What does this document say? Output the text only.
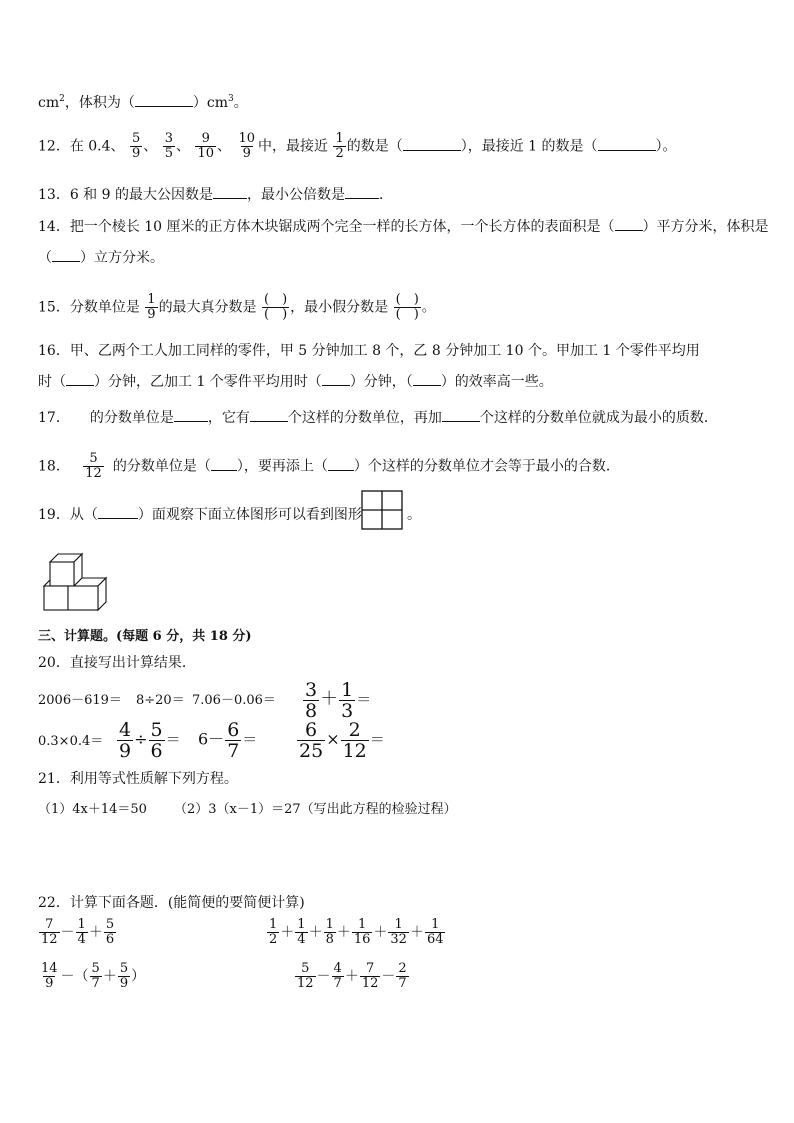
$cm^2$，体积为（	）$cm^3$。
12．在 0.4、 $\frac{5}{9}$ 、 $\frac{3}{5}$ 、 $\frac{9}{10}$ 、 $\frac{10}{9}$ 中，最接近 $\frac{1}{2}$ 的数是（	），最接近 1 的数是（	）。
13．6 和 9 的最大公因数是 ，最小公倍数是 ．
14．把一个棱长 10 厘米的正方体木块锯成两个完全一样的长方体，一个长方体的表面积是（ ）平方分米，体积是
（ ）立方分米。
15．分数单位是 $\frac{1}{9}$ 的最大真分数是 $\frac{( )}{( )}$ ，最小假分数是 $\frac{( )}{( )}$ 。
16．甲、乙两个工人加工同样的零件，甲 5 分钟加工 8 个，乙 8 分钟加工 10 个。甲加工 1 个零件平均用
时（ ）分钟，乙加工 1 个零件平均用时（ ）分钟，（ ）的效率高一些。
17． 的分数单位是 ，它有	个这样的分数单位，再加	个这样的分数单位就成为最小的质数．
18． $\frac{5}{12}$ 的分数单位是（ ），要再添上（ ）个这样的分数单位才会等于最小的合数．
19．从（	）面观察下面立体图形可以看到图形	。
三、计算题。(每题 6 分，共 18 分)
20．直接写出计算结果．
$2006-619= 8\div 20= 7.06-0.06= \frac{3}{8} + \frac{1}{3}$ ＝
$0.3\times 0.4= \frac{4}{9} \div \frac{5}{6} = 6- \frac{6}{7} = \frac{6}{25} \times \frac{2}{12}$ ＝
21．利用等式性质解下列方程。
（1）4x＋14＝50 （2）3（x－1）＝27（写出此方程的检验过程）
22．计算下面各题．(能简便的要简便计算)
$\frac{7}{12} - \frac{1}{4} + \frac{5}{6}$	$\frac{1}{2} + \frac{1}{4} + \frac{1}{8} + \frac{1}{16} + \frac{1}{32} + \frac{1}{64}$
$\frac{14}{9}$ －（ $\frac{5}{7} + \frac{5}{9}$ ）	$\frac{5}{12} - \frac{4}{7} + \frac{7}{12} - \frac{2}{7}$
